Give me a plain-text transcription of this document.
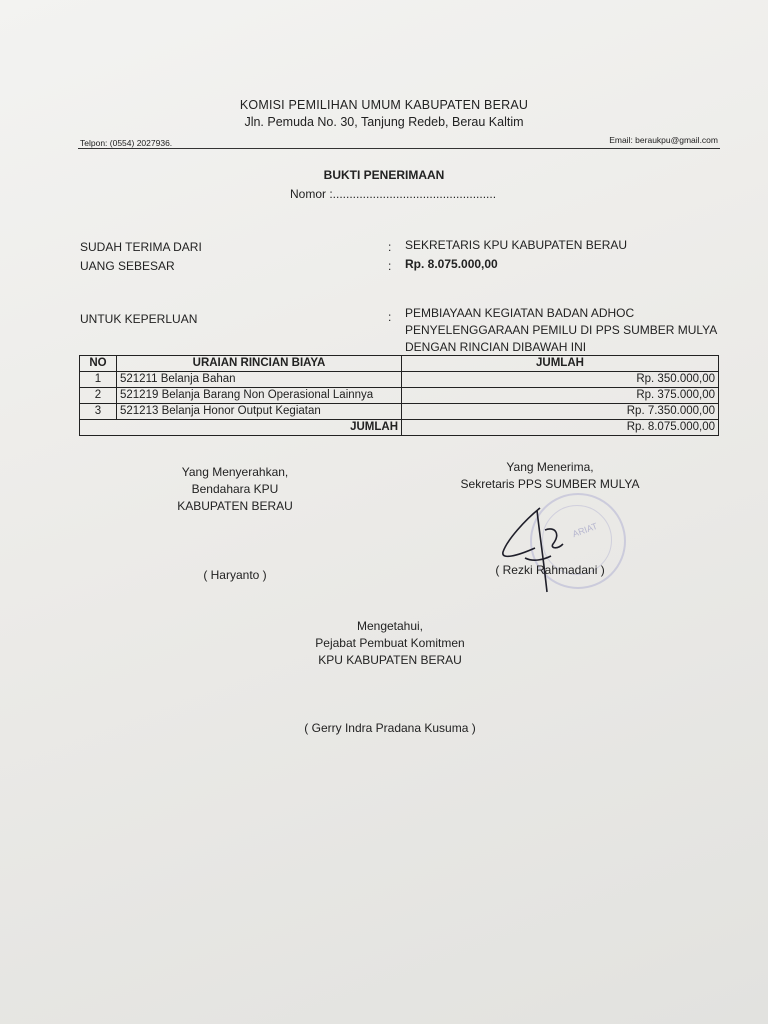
KOMISI PEMILIHAN UMUM KABUPATEN BERAU
Jln. Pemuda No. 30, Tanjung Redeb, Berau Kaltim
Telpon: (0554) 2027936.	Email: beraukpu@gmail.com
BUKTI PENERIMAAN
Nomor :.................................................
SUDAH TERIMA DARI	: SEKRETARIS KPU KABUPATEN BERAU
UANG SEBESAR	: Rp. 8.075.000,00
UNTUK KEPERLUAN	: PEMBIAYAAN KEGIATAN BADAN ADHOC
PENYELENGGARAAN PEMILU DI PPS SUMBER MULYA
DENGAN RINCIAN DIBAWAH INI
NO	URAIAN RINCIAN BIAYA	JUMLAH
1	521211 Belanja Bahan	Rp. 350.000,00
2	521219 Belanja Barang Non Operasional Lainnya	Rp. 375.000,00
3	521213 Belanja Honor Output Kegiatan	Rp. 7.350.000,00
JUMLAH		Rp. 8.075.000,00
Yang Menyerahkan,
Bendahara KPU
KABUPATEN BERAU
( Haryanto )
Yang Menerima,
Sekretaris PPS SUMBER MULYA
ARIAT
( Rezki Rahmadani )
Mengetahui,
Pejabat Pembuat Komitmen
KPU KABUPATEN BERAU
( Gerry Indra Pradana Kusuma )
